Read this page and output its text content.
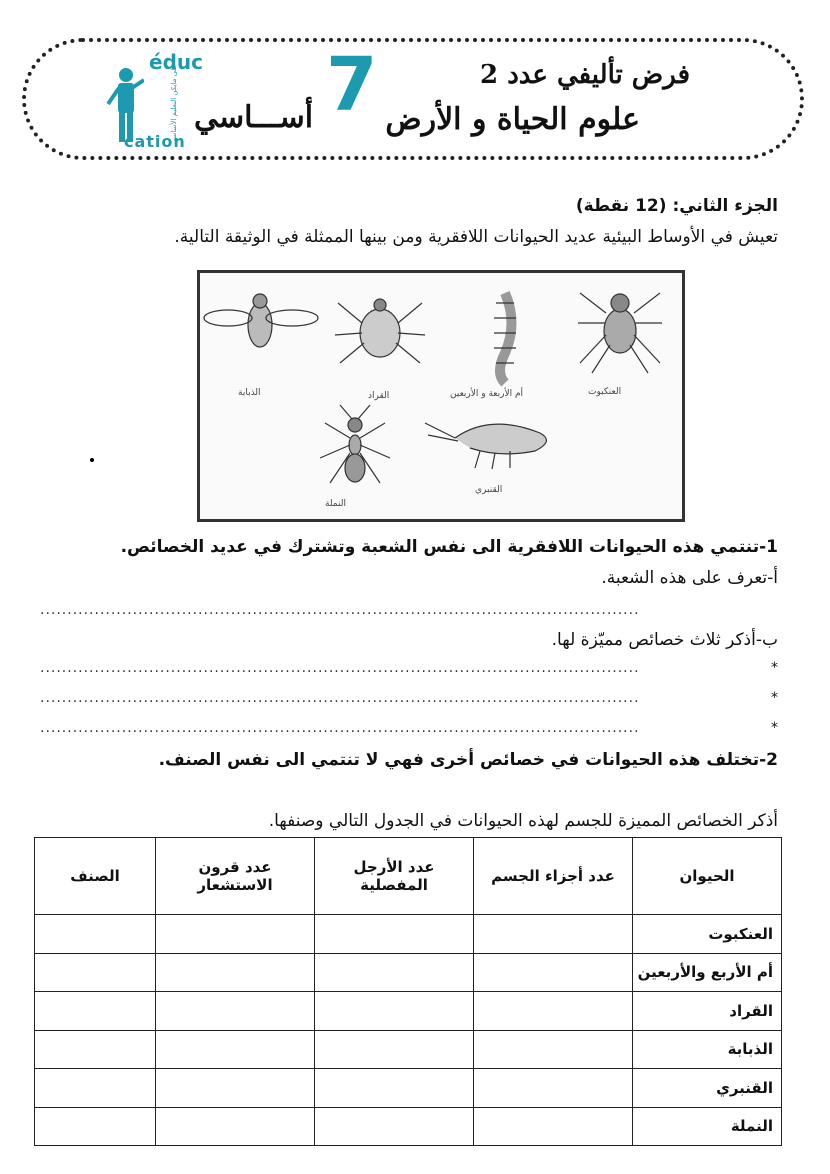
فرض تأليفي عدد 2
علوم الحياة و الأرض
7
أســـاسي
éduc
على مايكن التعليم الأساسي
cation
الجزء الثاني: (12 نقطة)
تعيش في الأوساط البيئية عديد الحيوانات اللافقرية ومن بينها الممثلة في الوثيقة التالية.
الذبابة	القراد	أم الأربعة و الأربعين	العنكبوت
النملة
القنبري
1-تنتمي هذه الحيوانات اللافقرية الى نفس الشعبة وتشترك في عديد الخصائص.
أ-تعرف على هذه الشعبة.
..............................................................................................................
ب-أذكر ثلاث خصائص مميّزة لها.
*
..............................................................................................................
*
..............................................................................................................
*
..............................................................................................................
2-تختلف هذه الحيوانات في خصائص أخرى فهي لا تنتمي الى نفس الصنف.
أذكر الخصائص المميزة للجسم لهذه الحيوانات في الجدول التالي وصنفها.
الحيوان	عدد أجزاء الجسم	عدد الأرجل المفصلية	عدد قرون الاستشعار	الصنف
العنكبوت				
أم الأربع والأربعين				
القراد				
الذبابة				
القنبري				
النملة				
